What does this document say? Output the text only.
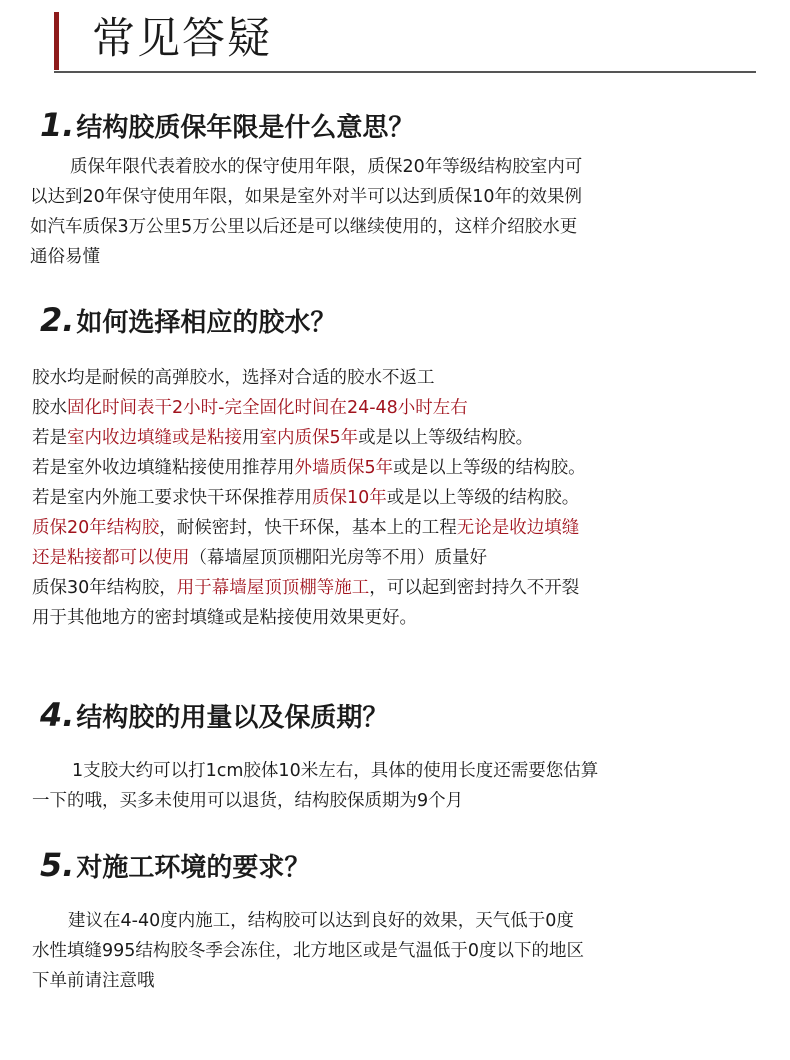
常见答疑
1.结构胶质保年限是什么意思？
质保年限代表着胶水的保守使用年限，质保20年等级结构胶室内可
以达到20年保守使用年限，如果是室外对半可以达到质保10年的效果例
如汽车质保3万公里5万公里以后还是可以继续使用的，这样介绍胶水更
通俗易懂
2.如何选择相应的胶水？
胶水均是耐候的高弹胶水，选择对合适的胶水不返工
胶水固化时间表干2小时-完全固化时间在24-48小时左右
若是室内收边填缝或是粘接用室内质保5年或是以上等级结构胶。
若是室外收边填缝粘接使用推荐用外墙质保5年或是以上等级的结构胶。
若是室内外施工要求快干环保推荐用质保10年或是以上等级的结构胶。
质保20年结构胶，耐候密封，快干环保，基本上的工程无论是收边填缝
还是粘接都可以使用（幕墙屋顶顶棚阳光房等不用）质量好
质保30年结构胶，用于幕墙屋顶顶棚等施工，可以起到密封持久不开裂
用于其他地方的密封填缝或是粘接使用效果更好。
4.结构胶的用量以及保质期？
1支胶大约可以打1cm胶体10米左右，具体的使用长度还需要您估算
一下的哦，买多未使用可以退货，结构胶保质期为9个月
5.对施工环境的要求？
建议在4-40度内施工，结构胶可以达到良好的效果，天气低于0度
水性填缝995结构胶冬季会冻住，北方地区或是气温低于0度以下的地区
下单前请注意哦
